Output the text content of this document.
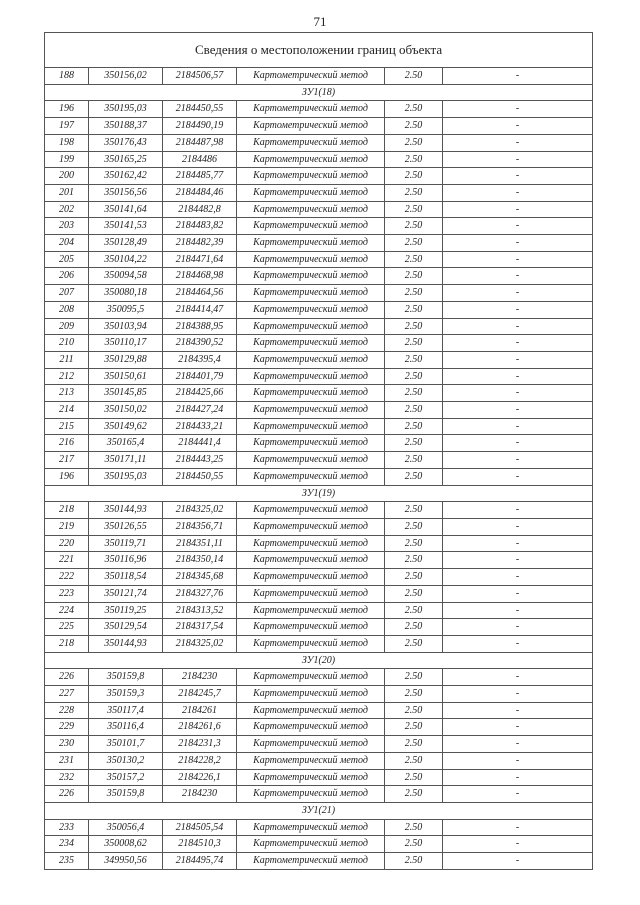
71
Сведения о местоположении границ объекта					
188	350156,02	2184506,57	Картометрический метод	2.50	-
ЗУ1(18)					
196	350195,03	2184450,55	Картометрический метод	2.50	-
197	350188,37	2184490,19	Картометрический метод	2.50	-
198	350176,43	2184487,98	Картометрический метод	2.50	-
199	350165,25	2184486	Картометрический метод	2.50	-
200	350162,42	2184485,77	Картометрический метод	2.50	-
201	350156,56	2184484,46	Картометрический метод	2.50	-
202	350141,64	2184482,8	Картометрический метод	2.50	-
203	350141,53	2184483,82	Картометрический метод	2.50	-
204	350128,49	2184482,39	Картометрический метод	2.50	-
205	350104,22	2184471,64	Картометрический метод	2.50	-
206	350094,58	2184468,98	Картометрический метод	2.50	-
207	350080,18	2184464,56	Картометрический метод	2.50	-
208	350095,5	2184414,47	Картометрический метод	2.50	-
209	350103,94	2184388,95	Картометрический метод	2.50	-
210	350110,17	2184390,52	Картометрический метод	2.50	-
211	350129,88	2184395,4	Картометрический метод	2.50	-
212	350150,61	2184401,79	Картометрический метод	2.50	-
213	350145,85	2184425,66	Картометрический метод	2.50	-
214	350150,02	2184427,24	Картометрический метод	2.50	-
215	350149,62	2184433,21	Картометрический метод	2.50	-
216	350165,4	2184441,4	Картометрический метод	2.50	-
217	350171,11	2184443,25	Картометрический метод	2.50	-
196	350195,03	2184450,55	Картометрический метод	2.50	-
ЗУ1(19)					
218	350144,93	2184325,02	Картометрический метод	2.50	-
219	350126,55	2184356,71	Картометрический метод	2.50	-
220	350119,71	2184351,11	Картометрический метод	2.50	-
221	350116,96	2184350,14	Картометрический метод	2.50	-
222	350118,54	2184345,68	Картометрический метод	2.50	-
223	350121,74	2184327,76	Картометрический метод	2.50	-
224	350119,25	2184313,52	Картометрический метод	2.50	-
225	350129,54	2184317,54	Картометрический метод	2.50	-
218	350144,93	2184325,02	Картометрический метод	2.50	-
ЗУ1(20)					
226	350159,8	2184230	Картометрический метод	2.50	-
227	350159,3	2184245,7	Картометрический метод	2.50	-
228	350117,4	2184261	Картометрический метод	2.50	-
229	350116,4	2184261,6	Картометрический метод	2.50	-
230	350101,7	2184231,3	Картометрический метод	2.50	-
231	350130,2	2184228,2	Картометрический метод	2.50	-
232	350157,2	2184226,1	Картометрический метод	2.50	-
226	350159,8	2184230	Картометрический метод	2.50	-
ЗУ1(21)					
233	350056,4	2184505,54	Картометрический метод	2.50	-
234	350008,62	2184510,3	Картометрический метод	2.50	-
235	349950,56	2184495,74	Картометрический метод	2.50	-
